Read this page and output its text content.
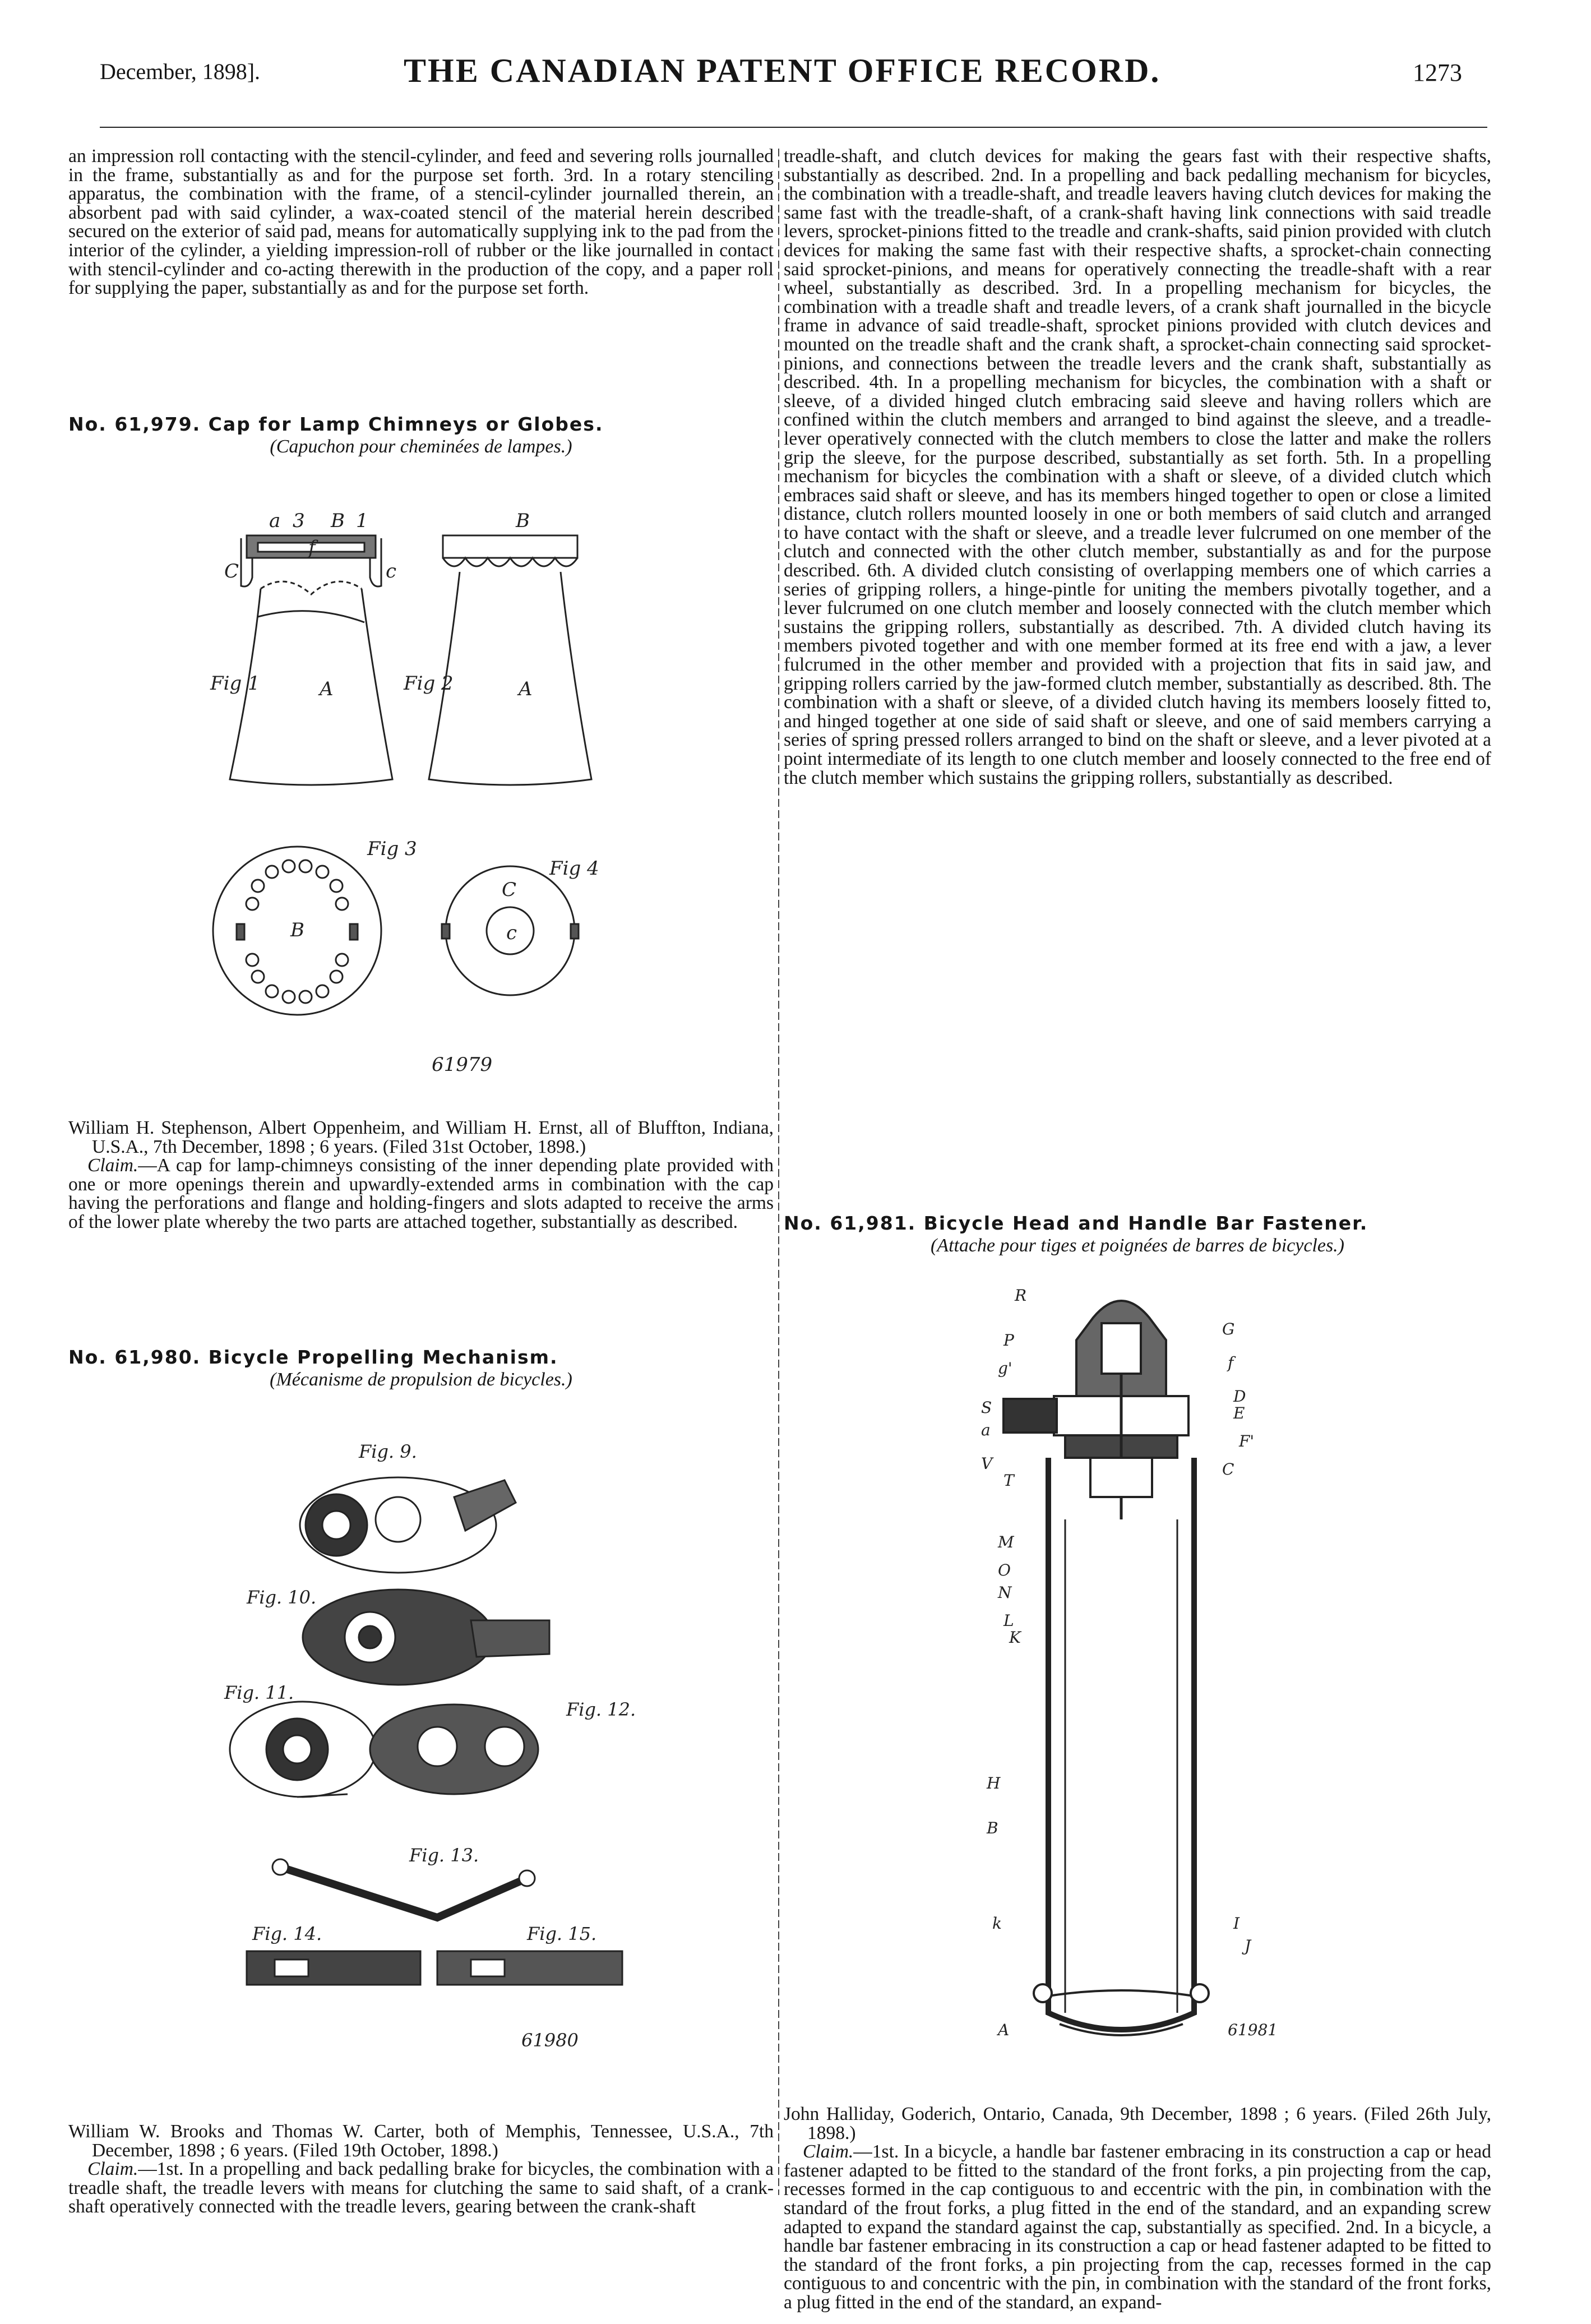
December, 1898].	THE CANADIAN PATENT OFFICE RECORD.	1273

an impression roll contacting with the stencil-cylinder, and feed and severing rolls journalled in the frame, substantially as and for the purpose set forth. 3rd. In a rotary stenciling apparatus, the combination with the frame, of a stencil-cylinder journalled therein, an absorbent pad with said cylinder, a wax-coated stencil of the material herein described secured on the exterior of said pad, means for automatically supplying ink to the pad from the interior of the cylinder, a yielding impression-roll of rubber or the like journalled in contact with stencil-cylinder and co-acting therewith in the production of the copy, and a paper roll for supplying the paper, substantially as and for the purpose set forth.

No. 61,979. Cap for Lamp Chimneys or Globes.

(Capuchon pour cheminées de lampes.)

a 3 B 1	B
C	c
f
Fig 1	Fig 2
A	A
Fig 3
Fig 4
B
C
c
61979

William H. Stephenson, Albert Oppenheim, and William H. Ernst, all of Bluffton, Indiana, U.S.A., 7th December, 1898 ; 6 years. (Filed 31st October, 1898.)

Claim.—A cap for lamp-chimneys consisting of the inner depending plate provided with one or more openings therein and upwardly-extended arms in combination with the cap having the perforations and flange and holding-fingers and slots adapted to receive the arms of the lower plate whereby the two parts are attached together, substantially as described.

No. 61,980. Bicycle Propelling Mechanism.

(Mécanisme de propulsion de bicycles.)

Fig. 9.
Fig. 10.
Fig. 11.
Fig. 12.
Fig. 13.
Fig. 14.	Fig. 15.
61980

William W. Brooks and Thomas W. Carter, both of Memphis, Tennessee, U.S.A., 7th December, 1898 ; 6 years. (Filed 19th October, 1898.)

Claim.—1st. In a propelling and back pedalling brake for bicycles, the combination with a treadle shaft, the treadle levers with means for clutching the same to said shaft, of a crank-shaft operatively connected with the treadle levers, gearing between the crank-shaft

treadle-shaft, and clutch devices for making the gears fast with their respective shafts, substantially as described. 2nd. In a propelling and back pedalling mechanism for bicycles, the combination with a treadle-shaft, and treadle leavers having clutch devices for making the same fast with the treadle-shaft, of a crank-shaft having link connections with said treadle levers, sprocket-pinions fitted to the treadle and crank-shafts, said pinion provided with clutch devices for making the same fast with their respective shafts, a sprocket-chain connecting said sprocket-pinions, and means for operatively connecting the treadle-shaft with a rear wheel, substantially as described. 3rd. In a propelling mechanism for bicycles, the combination with a treadle shaft and treadle levers, of a crank shaft journalled in the bicycle frame in advance of said treadle-shaft, sprocket pinions provided with clutch devices and mounted on the treadle shaft and the crank shaft, a sprocket-chain connecting said sprocket-pinions, and connections between the treadle levers and the crank shaft, substantially as described. 4th. In a propelling mechanism for bicycles, the combination with a shaft or sleeve, of a divided hinged clutch embracing said sleeve and having rollers which are confined within the clutch members and arranged to bind against the sleeve, and a treadle-lever operatively connected with the clutch members to close the latter and make the rollers grip the sleeve, for the purpose described, substantially as set forth. 5th. In a propelling mechanism for bicycles the combination with a shaft or sleeve, of a divided clutch which embraces said shaft or sleeve, and has its members hinged together to open or close a limited distance, clutch rollers mounted loosely in one or both members of said clutch and arranged to have contact with the shaft or sleeve, and a treadle lever fulcrumed on one member of the clutch and connected with the other clutch member, substantially as and for the purpose described. 6th. A divided clutch consisting of overlapping members one of which carries a series of gripping rollers, a hinge-pintle for uniting the members pivotally together, and a lever fulcrumed on one clutch member and loosely connected with the clutch member which sustains the gripping rollers, substantially as described. 7th. A divided clutch having its members pivoted together and with one member formed at its free end with a jaw, a lever fulcrumed in the other member and provided with a projection that fits in said jaw, and gripping rollers carried by the jaw-formed clutch member, substantially as described. 8th. The combination with a shaft or sleeve, of a divided clutch having its members loosely fitted to, and hinged together at one side of said shaft or sleeve, and one of said members carrying a series of spring pressed rollers arranged to bind on the shaft or sleeve, and a lever pivoted at a point intermediate of its length to one clutch member and loosely connected to the free end of the clutch member which sustains the gripping rollers, substantially as described.

No. 61,981. Bicycle Head and Handle Bar Fastener.

(Attache pour tiges et poignées de barres de bicycles.)

R
P
G
g'	f
D
S	E
a
F'
V	C
T
M
O
N
L
K
H
B
k	I
J
A	61981

John Halliday, Goderich, Ontario, Canada, 9th December, 1898 ; 6 years. (Filed 26th July, 1898.)

Claim.—1st. In a bicycle, a handle bar fastener embracing in its construction a cap or head fastener adapted to be fitted to the standard of the front forks, a pin projecting from the cap, recesses formed in the cap contiguous to and eccentric with the pin, in combination with the standard of the frout forks, a plug fitted in the end of the standard, and an expanding screw adapted to expand the standard against the cap, substantially as specified. 2nd. In a bicycle, a handle bar fastener embracing in its construction a cap or head fastener adapted to be fitted to the standard of the front forks, a pin projecting from the cap, recesses formed in the cap contiguous to and concentric with the pin, in combination with the standard of the front forks, a plug fitted in the end of the standard, an expand-
